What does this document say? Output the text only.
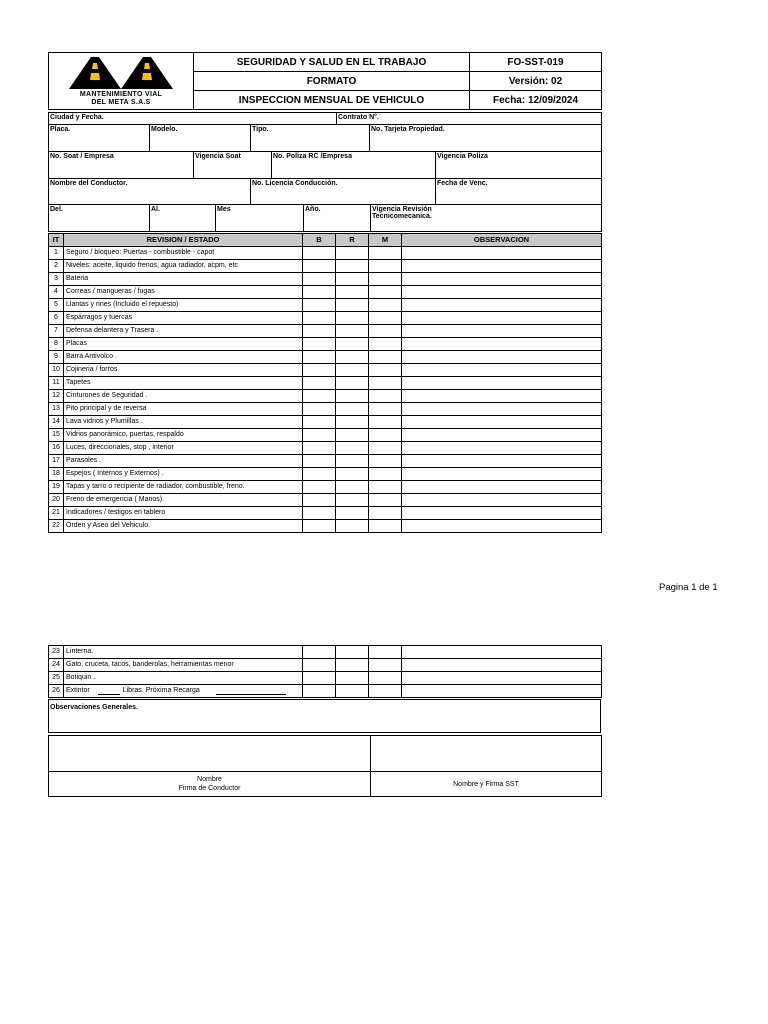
MANTENIMIENTO VIAL
DEL META S.A.S	SEGURIDAD Y SALUD EN EL TRABAJO	FO-SST-019
	FORMATO	Versión: 02
	INSPECCION MENSUAL DE VEHICULO	Fecha: 12/09/2024
Ciudad y Fecha.	Contrato N°.
Placa.	Modelo.	Tipo.	No. Tarjeta Propiedad.
No. Soat / Empresa	Vigencia Soat	No. Poliza RC /Empresa	Vigencia Poliza
Nombre del Conductor.	No. Licencia Conducción.	Fecha de Venc.
Del.	Al.	Mes	Año.	Vigencia Revisión
Tecnicomecanica.
IT	REVISION / ESTADO	B	R	M	OBSERVACION
1	Seguro / bloqueo: Puertas - combustible - capot				
2	Niveles: aceite, liquido frenos, agua radiador, acpm, etc				
3	Bateria				
4	Correas / mangueras / fugas				
5	Llantas y rines (Incluido el repuesto)				
6	Espárragos y tuercas				
7	Defensa delantera y Trasera .				
8	Placas				
9	Barra Antivolco .				
10	Cojineria / forros				
11	Tapetes				
12	Cinturones de Seguridad .				
13	Pito principal y de reversa				
14	Lava vidrios y Plumillas .				
15	Vidrios panorámico, puertas, respaldo				
16	Luces, direccionales, stop , interior				
17	Parasoles .				
18	Espejos ( Internos y Externos) .				
19	Tapas y tarro o recipiente de radiador, combustible, freno.				
20	Freno de emergencia ( Manos).				
21	Indicadores / testigos en tablero				
22	Orden y Aseo del Vehiculo.				
Pagina 1 de 1
23	Linterna.				
24	Gato, cruceta, tacos, banderolas, herramientas menor				
25	Botiquin .				
26	Extintor Libras. Próxima Recarga				
Observaciones Generales.

Nombre
Firma de Conductor	Nombre y Firma SST
